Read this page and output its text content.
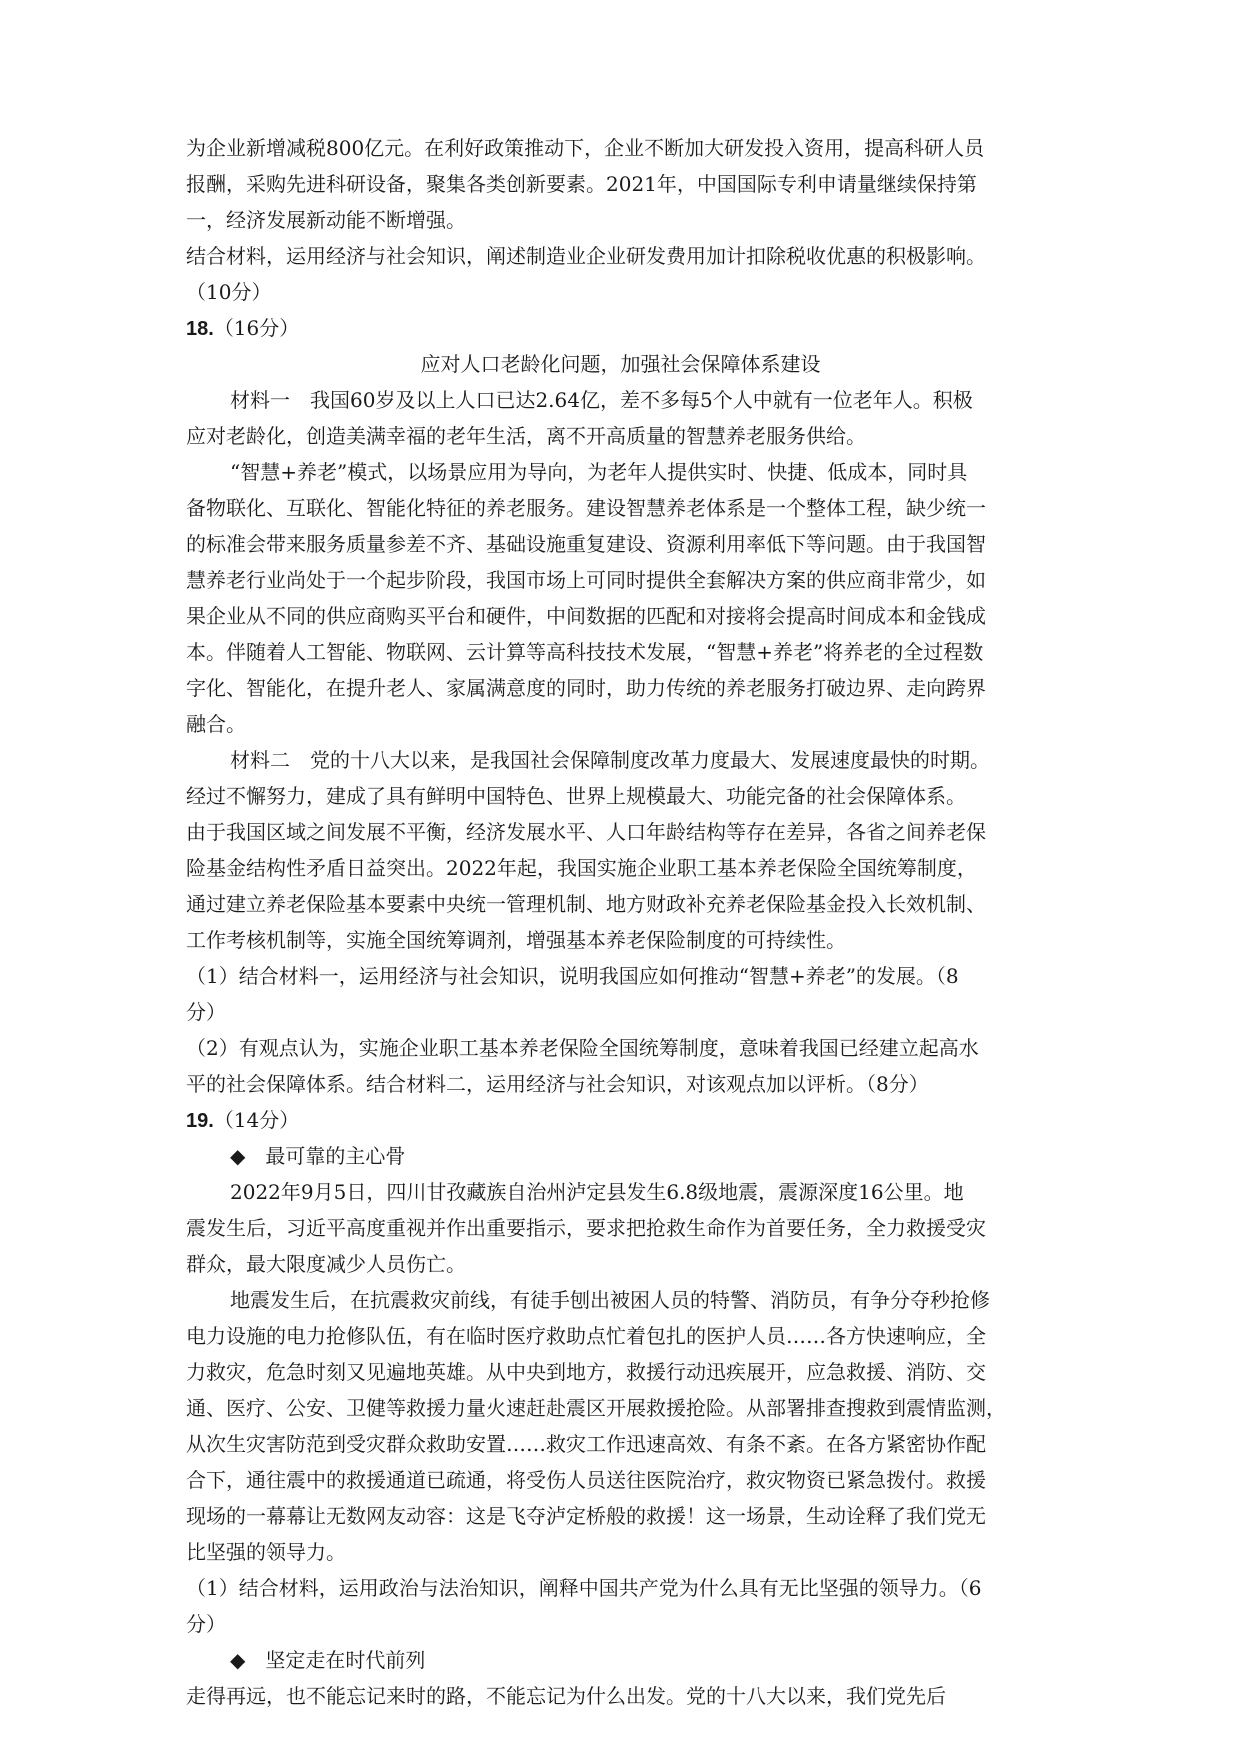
为企业新增减税800亿元。在利好政策推动下，企业不断加大研发投入资用，提高科研人员
报酬，采购先进科研设备，聚集各类创新要素。2021年，中国国际专利申请量继续保持第
一，经济发展新动能不断增强。
结合材料，运用经济与社会知识，阐述制造业企业研发费用加计扣除税收优惠的积极影响。
（10分）
18.（16分）
应对人口老龄化问题，加强社会保障体系建设
材料一　我国60岁及以上人口已达2.64亿，差不多每5个人中就有一位老年人。积极
应对老龄化，创造美满幸福的老年生活，离不开高质量的智慧养老服务供给。
“智慧+养老”模式，以场景应用为导向，为老年人提供实时、快捷、低成本，同时具
备物联化、互联化、智能化特征的养老服务。建设智慧养老体系是一个整体工程，缺少统一
的标准会带来服务质量参差不齐、基础设施重复建设、资源利用率低下等问题。由于我国智
慧养老行业尚处于一个起步阶段，我国市场上可同时提供全套解决方案的供应商非常少，如
果企业从不同的供应商购买平台和硬件，中间数据的匹配和对接将会提高时间成本和金钱成
本。伴随着人工智能、物联网、云计算等高科技技术发展，“智慧+养老”将养老的全过程数
字化、智能化，在提升老人、家属满意度的同时，助力传统的养老服务打破边界、走向跨界
融合。
材料二　党的十八大以来，是我国社会保障制度改革力度最大、发展速度最快的时期。
经过不懈努力，建成了具有鲜明中国特色、世界上规模最大、功能完备的社会保障体系。
由于我国区域之间发展不平衡，经济发展水平、人口年龄结构等存在差异，各省之间养老保
险基金结构性矛盾日益突出。2022年起，我国实施企业职工基本养老保险全国统筹制度，
通过建立养老保险基本要素中央统一管理机制、地方财政补充养老保险基金投入长效机制、
工作考核机制等，实施全国统筹调剂，增强基本养老保险制度的可持续性。
（1）结合材料一，运用经济与社会知识，说明我国应如何推动“智慧+养老”的发展。（8
分）
（2）有观点认为，实施企业职工基本养老保险全国统筹制度，意味着我国已经建立起高水
平的社会保障体系。结合材料二，运用经济与社会知识，对该观点加以评析。（8分）
19.（14分）
◆ 最可靠的主心骨
2022年9月5日，四川甘孜藏族自治州泸定县发生6.8级地震，震源深度16公里。地
震发生后，习近平高度重视并作出重要指示，要求把抢救生命作为首要任务，全力救援受灾
群众，最大限度减少人员伤亡。
地震发生后，在抗震救灾前线，有徒手刨出被困人员的特警、消防员，有争分夺秒抢修
电力设施的电力抢修队伍，有在临时医疗救助点忙着包扎的医护人员……各方快速响应，全
力救灾，危急时刻又见遍地英雄。从中央到地方，救援行动迅疾展开，应急救援、消防、交
通、医疗、公安、卫健等救援力量火速赶赴震区开展救援抢险。从部署排查搜救到震情监测，
从次生灾害防范到受灾群众救助安置……救灾工作迅速高效、有条不紊。在各方紧密协作配
合下，通往震中的救援通道已疏通，将受伤人员送往医院治疗，救灾物资已紧急拨付。救援
现场的一幕幕让无数网友动容：这是飞夺泸定桥般的救援！这一场景，生动诠释了我们党无
比坚强的领导力。
（1）结合材料，运用政治与法治知识，阐释中国共产党为什么具有无比坚强的领导力。（6
分）
◆ 坚定走在时代前列
走得再远，也不能忘记来时的路，不能忘记为什么出发。党的十八大以来，我们党先后
